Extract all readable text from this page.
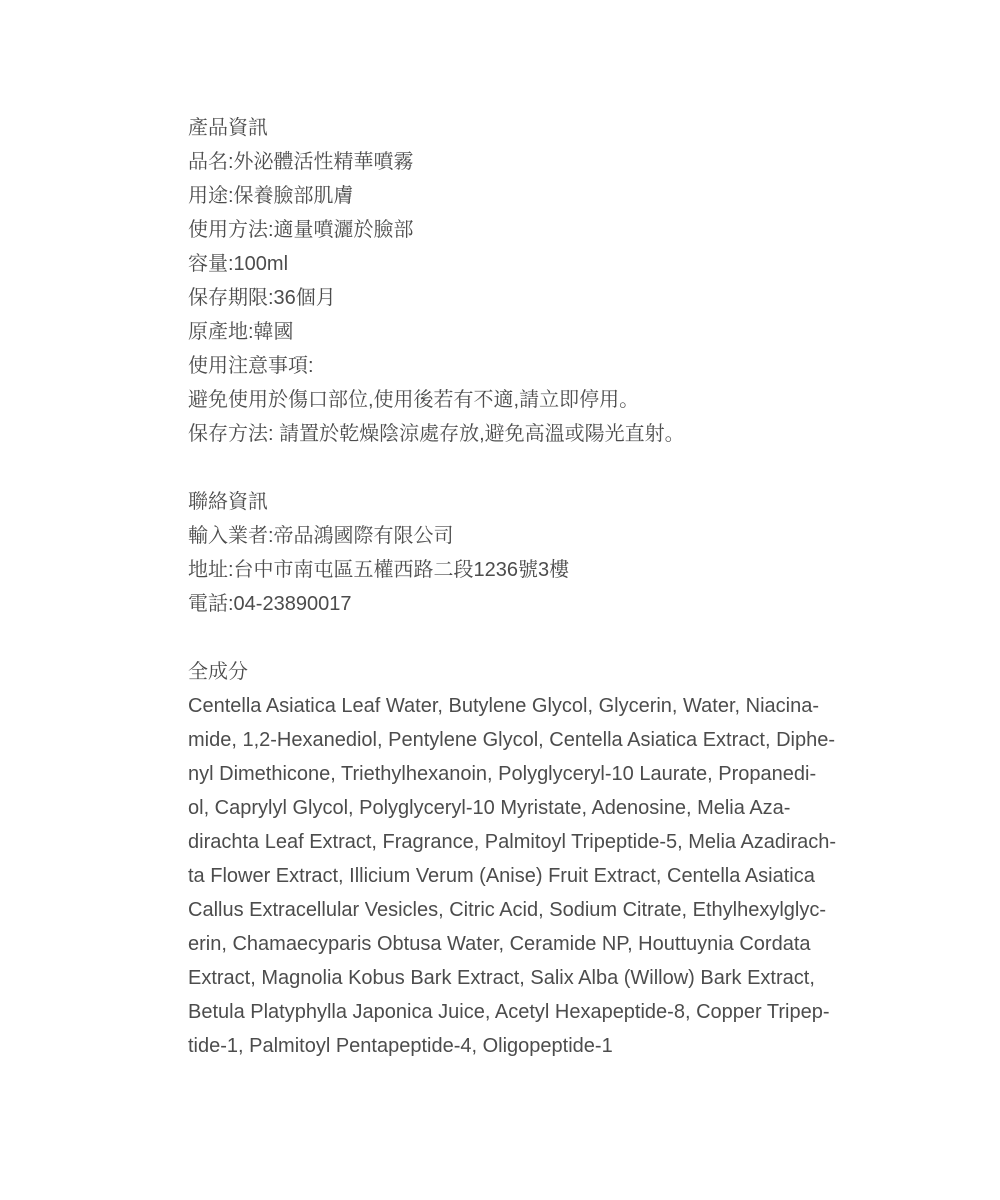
產品資訊
品名:外泌體活性精華噴霧
用途:保養臉部肌膚
使用方法:適量噴灑於臉部
容量:100ml
保存期限:36個月
原產地:韓國
使用注意事項:
避免使用於傷口部位,使用後若有不適,請立即停用。
保存方法: 請置於乾燥陰涼處存放,避免高溫或陽光直射。
聯絡資訊
輸入業者:帝品鴻國際有限公司
地址:台中市南屯區五權西路二段1236號3樓
電話:04-23890017
全成分
Centella Asiatica Leaf Water, Butylene Glycol, Glycerin, Water, Niacina-
mide, 1,2-Hexanediol, Pentylene Glycol, Centella Asiatica Extract, Diphe-
nyl Dimethicone, Triethylhexanoin, Polyglyceryl-10 Laurate, Propanedi-
ol, Caprylyl Glycol, Polyglyceryl-10 Myristate, Adenosine, Melia Aza-
dirachta Leaf Extract, Fragrance, Palmitoyl Tripeptide-5, Melia Azadirach-
ta Flower Extract, Illicium Verum (Anise) Fruit Extract, Centella Asiatica
Callus Extracellular Vesicles, Citric Acid, Sodium Citrate, Ethylhexylglyc-
erin, Chamaecyparis Obtusa Water, Ceramide NP, Houttuynia Cordata
Extract, Magnolia Kobus Bark Extract, Salix Alba (Willow) Bark Extract,
Betula Platyphylla Japonica Juice, Acetyl Hexapeptide-8, Copper Tripep-
tide-1, Palmitoyl Pentapeptide-4, Oligopeptide-1
